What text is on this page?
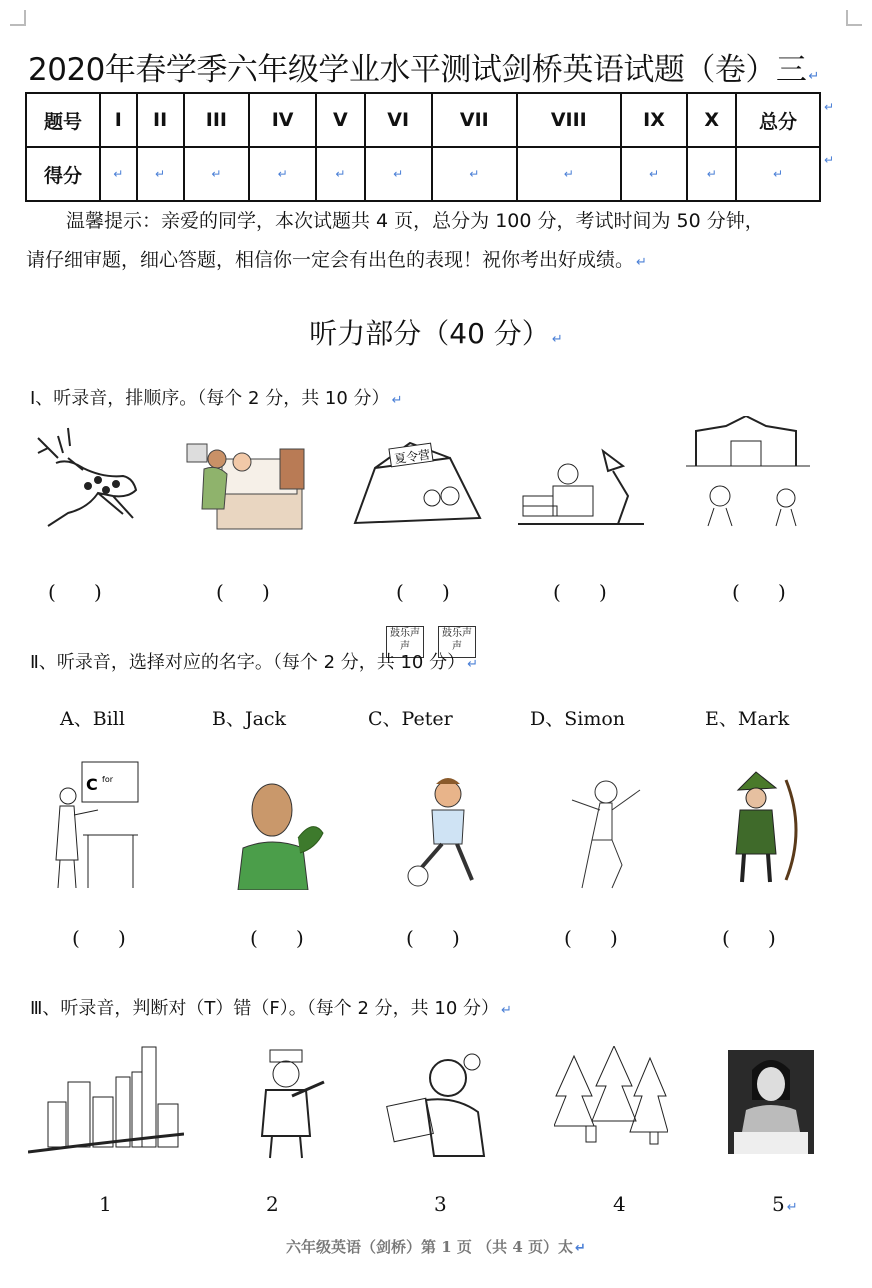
2020年春学季六年级学业水平测试剑桥英语试题（卷）三 ↵
题号	I	II	III	IV	V	VI	VII	VIII	IX	X	总分
得分	↵	↵	↵	↵	↵	↵	↵	↵	↵	↵	↵
↵
↵
温馨提示：亲爱的同学，本次试题共 4 页，总分为 100 分，考试时间为 50 分钟，
请仔细审题，细心答题，相信你一定会有出色的表现！祝你考出好成绩。 ↵
听力部分（40 分） ↵
Ⅰ、听录音，排顺序。（每个 2 分，共 10 分） ↵
夏令营
(      )	(      )	(      )	(      )	(      )
鼓乐声声
鼓乐声声
Ⅱ、听录音，选择对应的名字。（每个 2 分，共 10 分） ↵
A、Bill	B、Jack	C、Peter	D、Simon	E、Mark
C for
(      )	(      )	(      )	(      )	(      )
Ⅲ、听录音，判断对（T）错（F）。（每个 2 分，共 10 分） ↵
1	2	3	4	5 ↵
六年级英语（剑桥）第 1 页 （共 4 页）太 ↵
